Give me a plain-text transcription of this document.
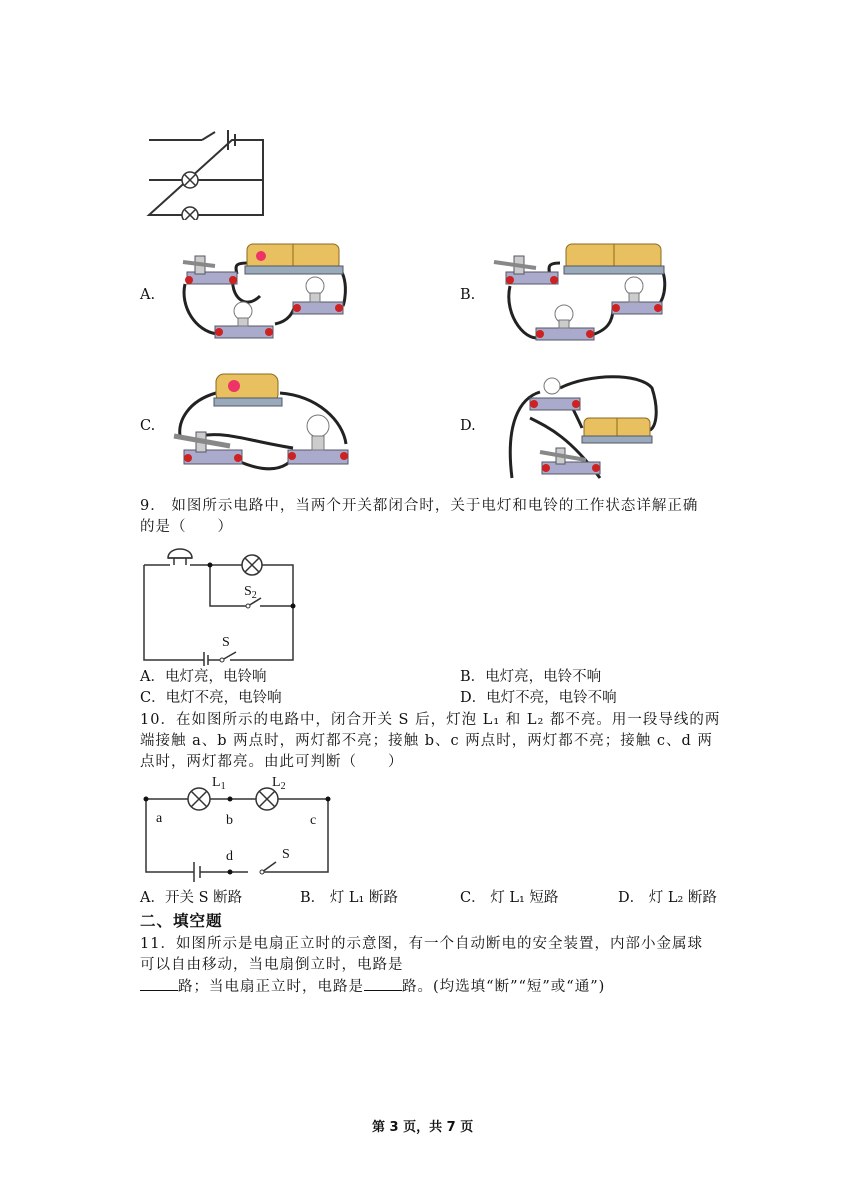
A.	B.
C.	D.
9． 如图所示电路中，当两个开关都闭合时，关于电灯和电铃的工作状态详解正确
的是（　　）
$S_2$
S
A．电灯亮，电铃响	B．电灯亮，电铃不响
C．电灯不亮，电铃响	D．电灯不亮，电铃不响
10．在如图所示的电路中，闭合开关 S 后，灯泡 L₁ 和 L₂ 都不亮。用一段导线的两
端接触 a、b 两点时，两灯都不亮；接触 b、c 两点时，两灯都不亮；接触 c、d 两
点时，两灯都亮。由此可判断（　　）
$L_1$	$L_2$
a	b	c
d	S
A．开关 S 断路	B． 灯 L₁ 断路	C． 灯 L₁ 短路	D． 灯 L₂ 断路
二、填空题
11．如图所示是电扇正立时的示意图，有一个自动断电的安全装置，内部小金属球
可以自由移动，当电扇倒立时，电路是
路；当电扇正立时，电路是	路。(均选填“断”“短”或“通”)
第 3 页，共 7 页
